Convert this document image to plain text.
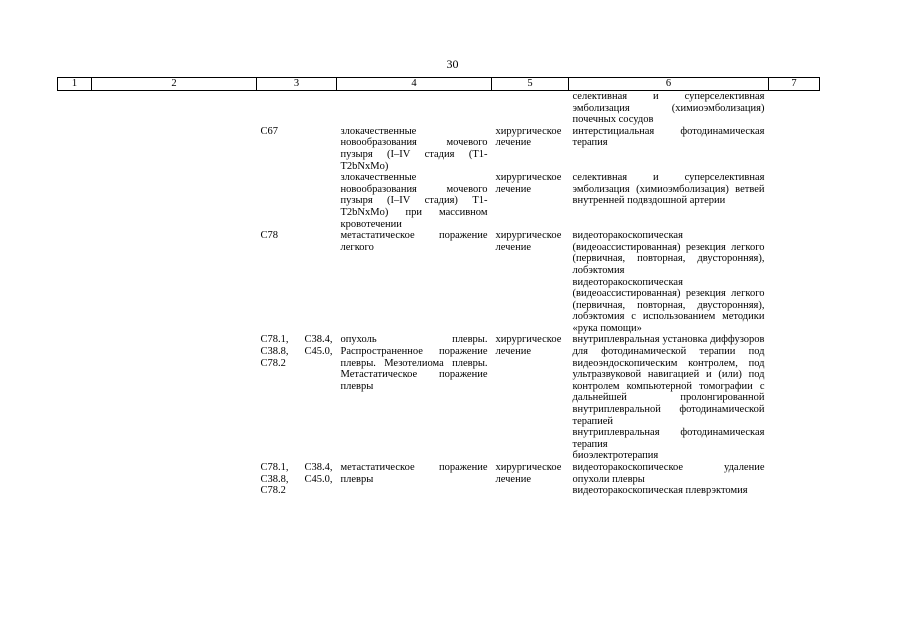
30
1	2	3	4	5	6	7

					селективная и суперселективная эмболизация (химиоэмболизация) почечных сосудов	

		C67	злокачественные новообразования мочевого пузыря (I–IV стадия (T1-T2bNxMo)	хирургическое лечение	интерстициальная фотодинамическая терапия	

			злокачественные новообразования мочевого пузыря (I–IV стадия) T1-T2bNxMo) при массивном кровотечении	хирургическое лечение	селективная и суперселективная эмболизация (химиоэмболизация) ветвей внутренней подвздошной артерии	

		C78	метастатическое поражение легкого	хирургическое лечение	видеоторакоскопическая (видеоассистированная) резекция легкого (первичная, повторная, двусторонняя), лобэктомия
видеоторакоскопическая (видеоассистированная) резекция легкого (первичная, повторная, двусторонняя), лобэктомия с использованием методики «рука помощи»	

		C78.1, C38.4, C38.8, C45.0, C78.2	опухоль плевры. Распространенное поражение плевры. Мезотелиома плевры. Метастатическое поражение плевры	хирургическое лечение	внутриплевральная установка диффузоров для фотодинамической терапии под видеоэндоскопическим контролем, под ультразвуковой навигацией и (или) под контролем компьютерной томографии с дальнейшей пролонгированной внутриплевральной фотодинамической терапией
внутриплевральная фотодинамическая терапия
биоэлектротерапия	

		C78.1, C38.4, C38.8, C45.0, C78.2	метастатическое поражение плевры	хирургическое лечение	видеоторакоскопическое удаление опухоли плевры
видеоторакоскопическая плеврэктомия	
